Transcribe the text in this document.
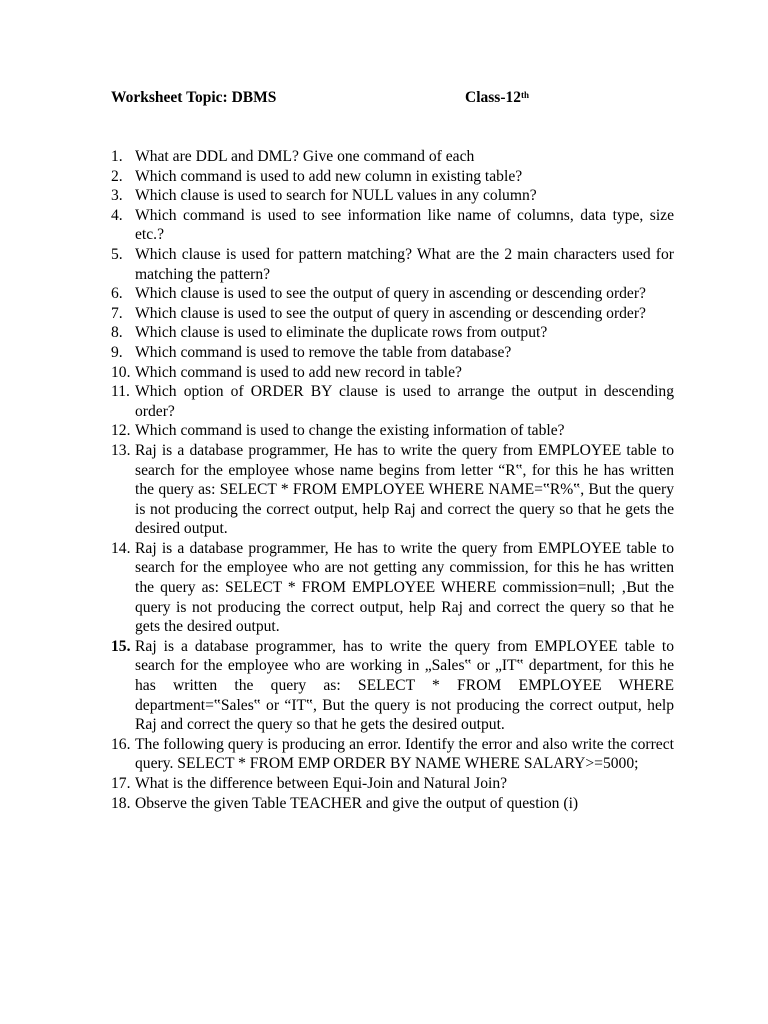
Worksheet Topic: DBMS	Class-12th
1. What are DDL and DML? Give one command of each
2. Which command is used to add new column in existing table?
3. Which clause is used to search for NULL values in any column?
4. Which command is used to see information like name of columns, data type, size etc.?
5. Which clause is used for pattern matching? What are the 2 main characters used for matching the pattern?
6. Which clause is used to see the output of query in ascending or descending order?
7. Which clause is used to see the output of query in ascending or descending order?
8. Which clause is used to eliminate the duplicate rows from output?
9. Which command is used to remove the table from database?
10. Which command is used to add new record in table?
11. Which option of ORDER BY clause is used to arrange the output in descending order?
12. Which command is used to change the existing information of table?
13. Raj is a database programmer, He has to write the query from EMPLOYEE table to search for the employee whose name begins from letter “R‟, for this he has written the query as: SELECT * FROM EMPLOYEE WHERE NAME=‟R%‟, But the query is not producing the correct output, help Raj and correct the query so that he gets the desired output.
14. Raj is a database programmer, He has to write the query from EMPLOYEE table to search for the employee who are not getting any commission, for this he has written the query as: SELECT * FROM EMPLOYEE WHERE commission=null; ‚But the query is not producing the correct output, help Raj and correct the query so that he gets the desired output.
15. Raj is a database programmer, has to write the query from EMPLOYEE table to search for the employee who are working in „Sales‟ or „IT‟ department, for this he has written the query as: SELECT * FROM EMPLOYEE WHERE department=‟Sales‟ or “IT‟, But the query is not producing the correct output, help Raj and correct the query so that he gets the desired output.
16. The following query is producing an error. Identify the error and also write the correct query. SELECT * FROM EMP ORDER BY NAME WHERE SALARY>=5000;
17. What is the difference between Equi-Join and Natural Join?
18. Observe the given Table TEACHER and give the output of question (i)
